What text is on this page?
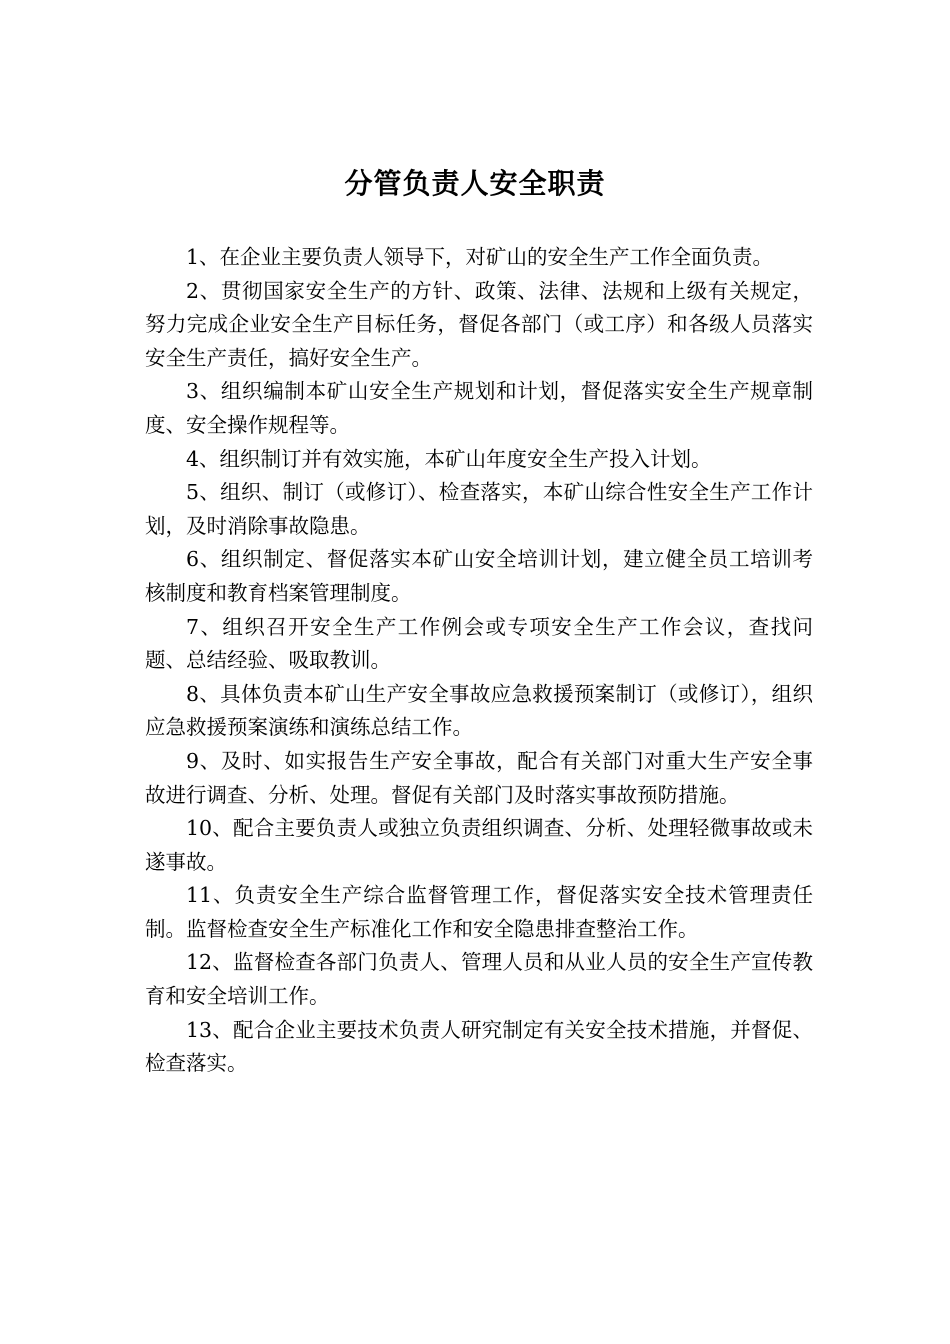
分管负责人安全职责

1、在企业主要负责人领导下，对矿山的安全生产工作全面负责。

2、贯彻国家安全生产的方针、政策、法律、法规和上级有关规定，努力完成企业安全生产目标任务，督促各部门（或工序）和各级人员落实安全生产责任，搞好安全生产。

3、组织编制本矿山安全生产规划和计划，督促落实安全生产规章制度、安全操作规程等。

4、组织制订并有效实施，本矿山年度安全生产投入计划。

5、组织、制订（或修订）、检查落实，本矿山综合性安全生产工作计划，及时消除事故隐患。

6、组织制定、督促落实本矿山安全培训计划，建立健全员工培训考核制度和教育档案管理制度。

7、组织召开安全生产工作例会或专项安全生产工作会议，查找问题、总结经验、吸取教训。

8、具体负责本矿山生产安全事故应急救援预案制订（或修订），组织应急救援预案演练和演练总结工作。

9、及时、如实报告生产安全事故，配合有关部门对重大生产安全事故进行调查、分析、处理。督促有关部门及时落实事故预防措施。

10、配合主要负责人或独立负责组织调查、分析、处理轻微事故或未遂事故。

11、负责安全生产综合监督管理工作，督促落实安全技术管理责任制。监督检查安全生产标准化工作和安全隐患排查整治工作。

12、监督检查各部门负责人、管理人员和从业人员的安全生产宣传教育和安全培训工作。

13、配合企业主要技术负责人研究制定有关安全技术措施，并督促、检查落实。
